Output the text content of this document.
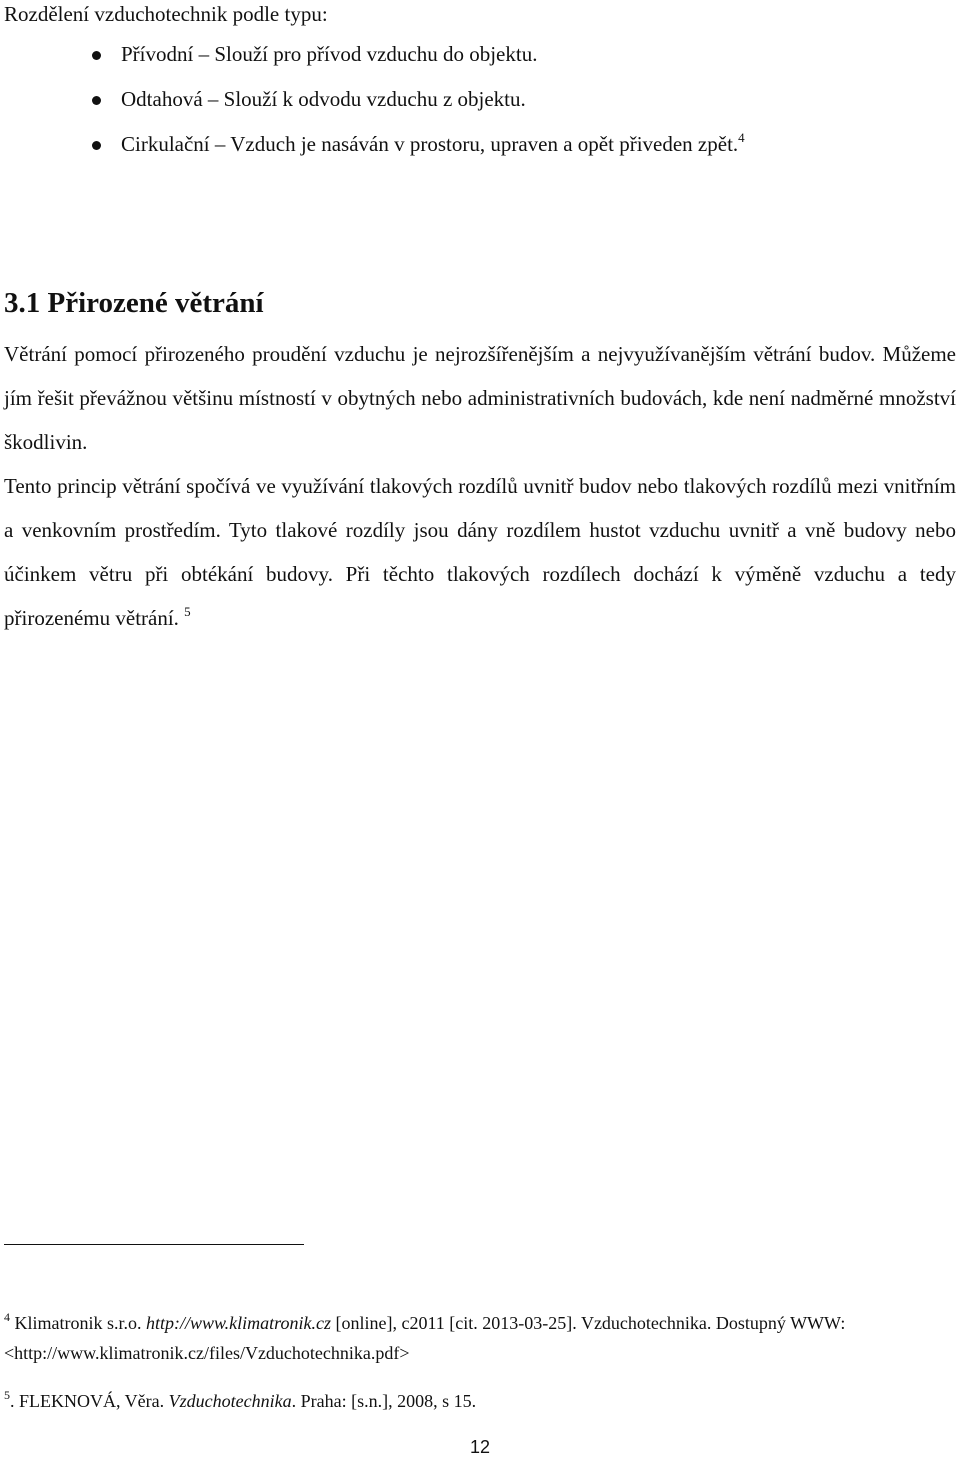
Rozdělení vzduchotechnik podle typu:
Přívodní – Slouží pro přívod vzduchu do objektu.
Odtahová – Slouží k odvodu vzduchu z objektu.
Cirkulační – Vzduch je nasáván v prostoru, upraven a opět přiveden zpět.$^4$
3.1 Přirozené větrání
Větrání pomocí přirozeného proudění vzduchu je nejrozšířenějším a nejvyužívanějším větrání budov. Můžeme jím řešit převážnou většinu místností v obytných nebo administrativních budovách, kde není nadměrné množství škodlivin.
Tento princip větrání spočívá ve využívání tlakových rozdílů uvnitř budov nebo tlakových rozdílů mezi vnitřním a venkovním prostředím. Tyto tlakové rozdíly jsou dány rozdílem hustot vzduchu uvnitř a vně budovy nebo účinkem větru při obtékání budovy. Při těchto tlakových rozdílech dochází k výměně vzduchu a tedy přirozenému větrání. $^5$
$^4$ Klimatronik s.r.o. http://www.klimatronik.cz [online], c2011 [cit. 2013-03-25]. Vzduchotechnika. Dostupný WWW: <http://www.klimatronik.cz/files/Vzduchotechnika.pdf>
$^5$. FLEKNOVÁ, Věra. Vzduchotechnika. Praha: [s.n.], 2008, s 15.
12
